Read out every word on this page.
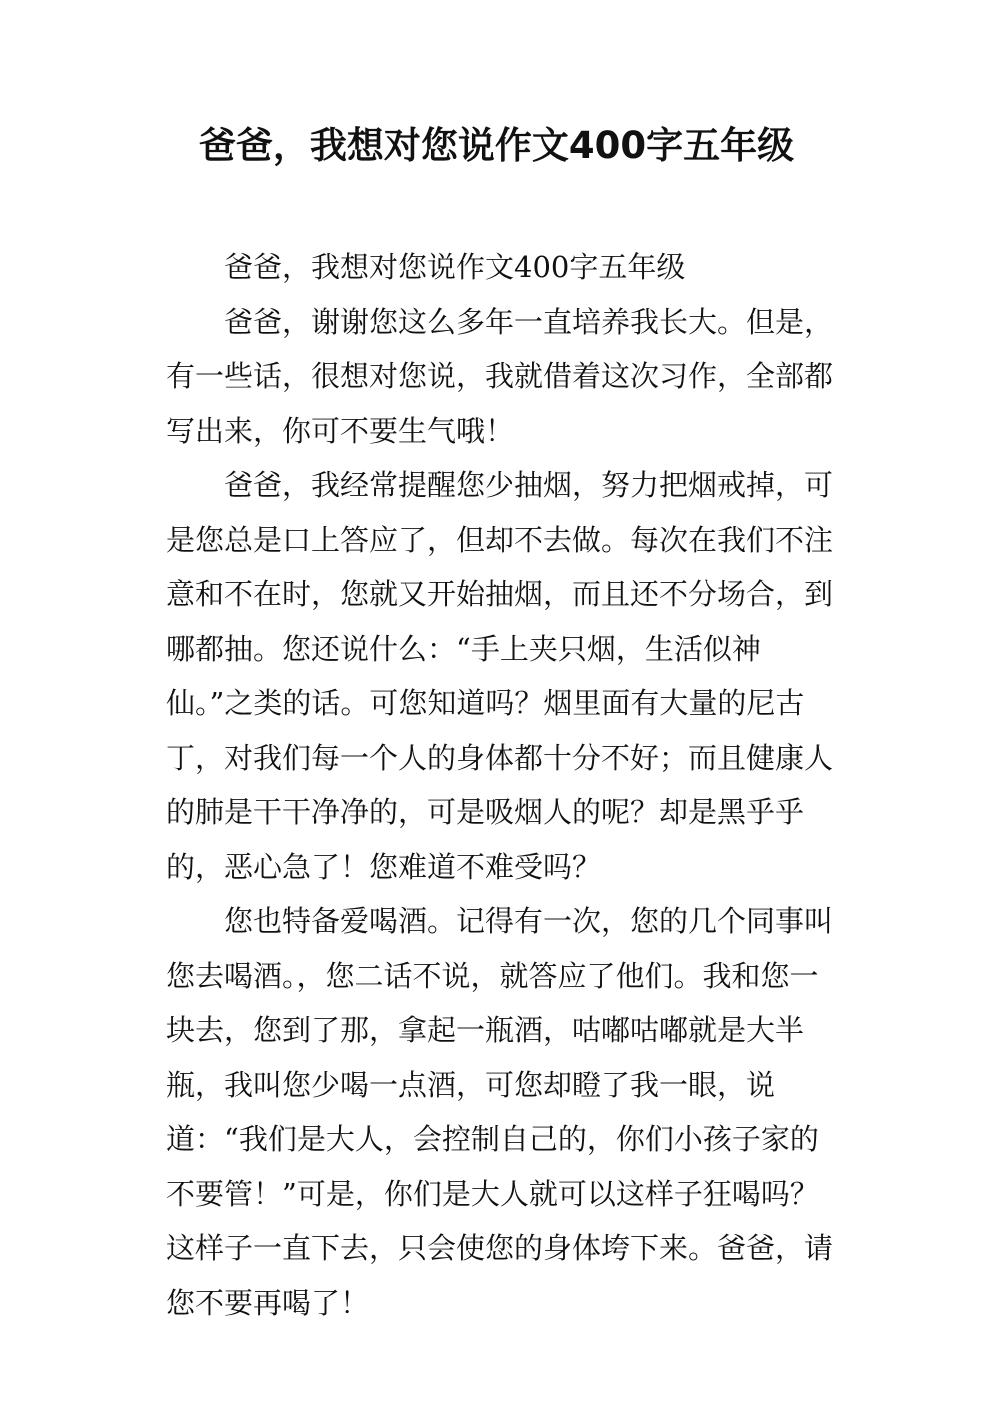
爸爸，我想对您说作文400字五年级

爸爸，我想对您说作文400字五年级

爸爸，谢谢您这么多年一直培养我长大。但是，有一些话，很想对您说，我就借着这次习作，全部都写出来，你可不要生气哦！

爸爸，我经常提醒您少抽烟，努力把烟戒掉，可是您总是口上答应了，但却不去做。每次在我们不注意和不在时，您就又开始抽烟，而且还不分场合，到哪都抽。您还说什么：“手上夹只烟，生活似神仙。”之类的话。可您知道吗？烟里面有大量的尼古丁，对我们每一个人的身体都十分不好；而且健康人的肺是干干净净的，可是吸烟人的呢？却是黑乎乎的，恶心急了！您难道不难受吗？

您也特备爱喝酒。记得有一次，您的几个同事叫您去喝酒。，您二话不说，就答应了他们。我和您一块去，您到了那，拿起一瓶酒，咕嘟咕嘟就是大半瓶，我叫您少喝一点酒，可您却瞪了我一眼，说道：“我们是大人，会控制自己的，你们小孩子家的不要管！”可是，你们是大人就可以这样子狂喝吗？这样子一直下去，只会使您的身体垮下来。爸爸，请您不要再喝了！
